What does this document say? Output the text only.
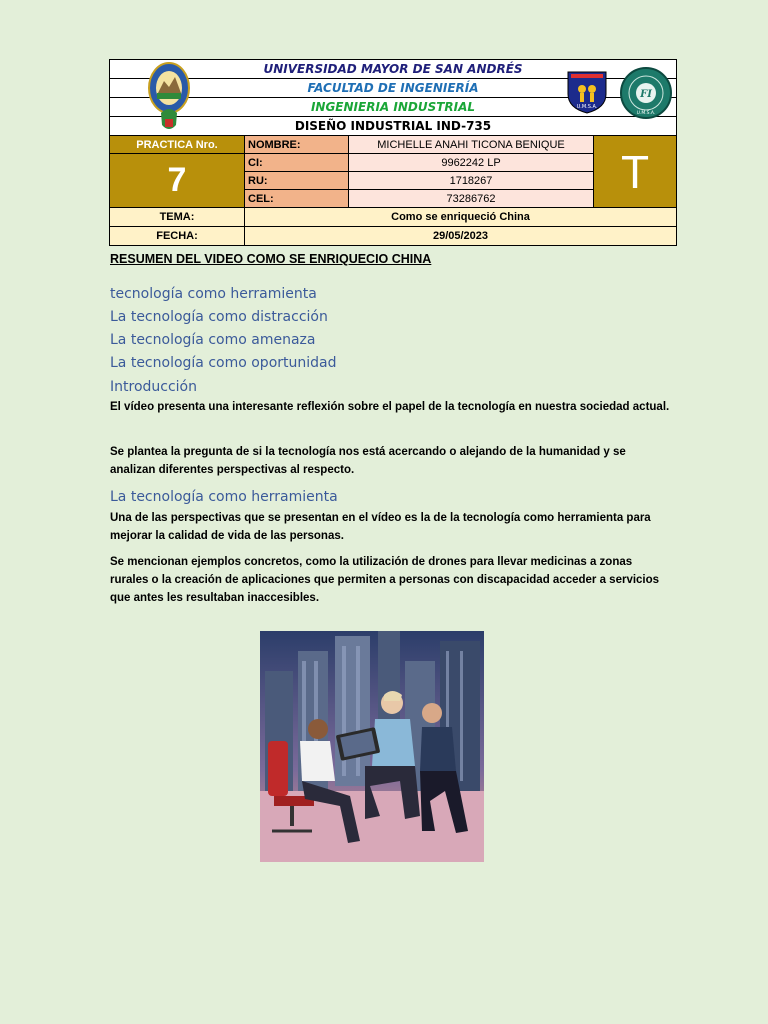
UNIVERSIDAD MAYOR DE SAN ANDRÉS			
FACULTAD DE INGENIERÍA			
INGENIERIA INDUSTRIAL			
DISEÑO INDUSTRIAL IND-735			
PRACTICA Nro.	NOMBRE:	MICHELLE ANAHI TICONA BENIQUE	T
7	CI:	9962242 LP	
	RU:	1718267	
	CEL:	73286762	
TEMA:	Como se enriqueció China		
FECHA:	29/05/2023		
U.M.S.A.
FI
U.M.S.A.
RESUMEN DEL VIDEO COMO SE ENRIQUECIO CHINA
tecnología como herramienta
La tecnología como distracción
La tecnología como amenaza
La tecnología como oportunidad
Introducción
El vídeo presenta una interesante reflexión sobre el papel de la tecnología en nuestra sociedad actual.
Se plantea la pregunta de si la tecnología nos está acercando o alejando de la humanidad y se analizan diferentes perspectivas al respecto.
La tecnología como herramienta
Una de las perspectivas que se presentan en el vídeo es la de la tecnología como herramienta para mejorar la calidad de vida de las personas.
Se mencionan ejemplos concretos, como la utilización de drones para llevar medicinas a zonas rurales o la creación de aplicaciones que permiten a personas con discapacidad acceder a servicios que antes les resultaban inaccesibles.
